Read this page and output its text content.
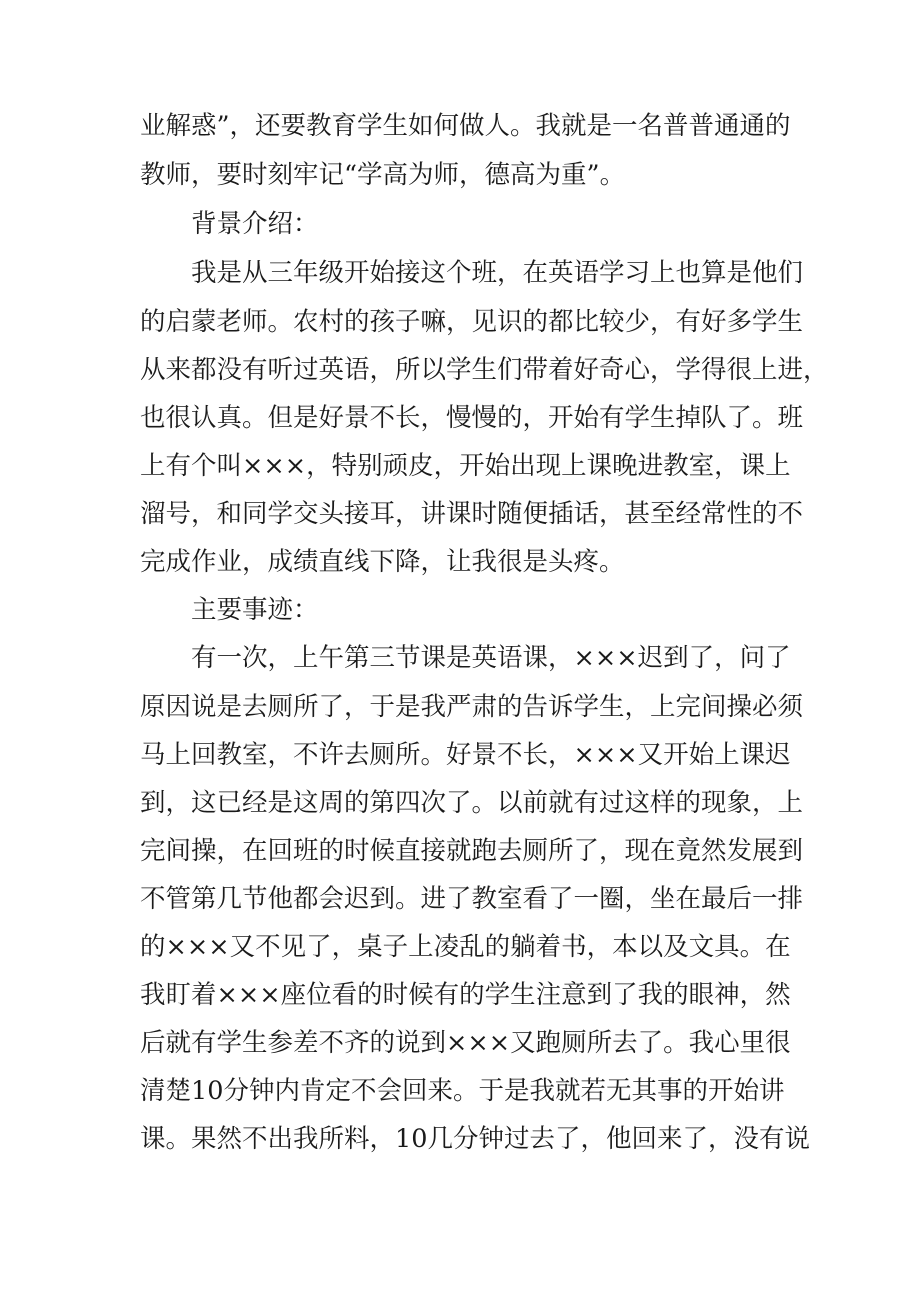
业解惑”，还要教育学生如何做人。我就是一名普普通通的
教师，要时刻牢记“学高为师，德高为重”。
背景介绍：
我是从三年级开始接这个班，在英语学习上也算是他们
的启蒙老师。农村的孩子嘛，见识的都比较少，有好多学生
从来都没有听过英语，所以学生们带着好奇心，学得很上进，
也很认真。但是好景不长，慢慢的，开始有学生掉队了。班
上有个叫×××，特别顽皮，开始出现上课晚进教室，课上
溜号，和同学交头接耳，讲课时随便插话，甚至经常性的不
完成作业，成绩直线下降，让我很是头疼。
主要事迹：
有一次，上午第三节课是英语课，×××迟到了，问了
原因说是去厕所了，于是我严肃的告诉学生，上完间操必须
马上回教室，不许去厕所。好景不长，×××又开始上课迟
到，这已经是这周的第四次了。以前就有过这样的现象，上
完间操，在回班的时候直接就跑去厕所了，现在竟然发展到
不管第几节他都会迟到。进了教室看了一圈，坐在最后一排
的×××又不见了，桌子上凌乱的躺着书，本以及文具。在
我盯着×××座位看的时候有的学生注意到了我的眼神，然
后就有学生参差不齐的说到×××又跑厕所去了。我心里很
清楚10分钟内肯定不会回来。于是我就若无其事的开始讲
课。果然不出我所料，10几分钟过去了，他回来了，没有说
